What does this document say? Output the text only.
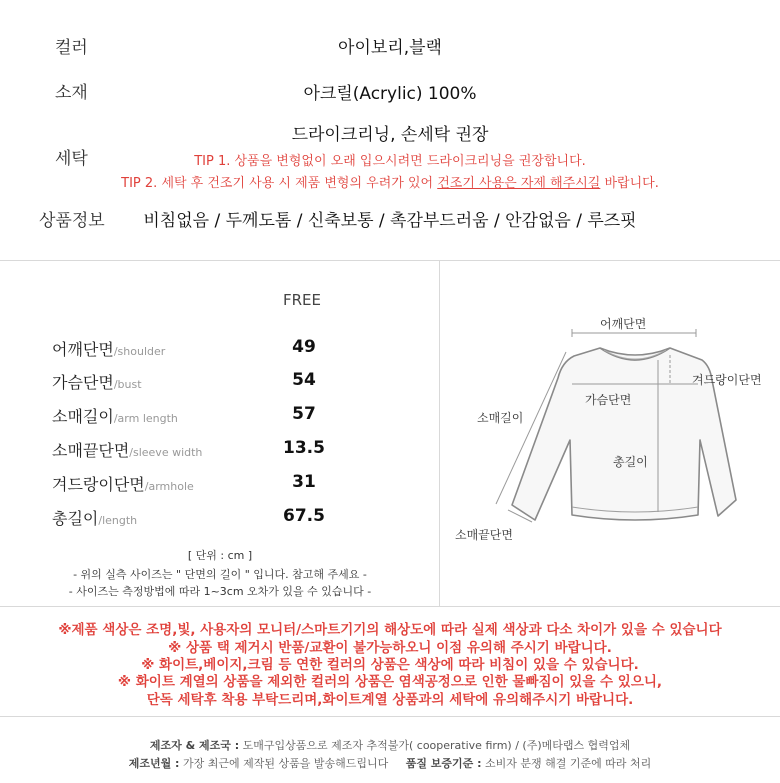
컬러	아이보리,블랙
소재	아크릴(Acrylic) 100%
세탁
드라이크리닝, 손세탁 권장
TIP 1. 상품을 변형없이 오래 입으시려면 드라이크리닝을 권장합니다.
TIP 2. 세탁 후 건조기 사용 시 제품 변형의 우려가 있어 건조기 사용은 자제 해주시길 바랍니다.
상품정보	비침없음 / 두께도톰 / 신축보통 / 촉감부드러움 / 안감없음 / 루즈핏
FREE
어깨단면/shoulder	49
가슴단면/bust	54
소매길이/arm length	57
소매끝단면/sleeve width	13.5
겨드랑이단면/armhole	31
총길이/length	67.5
[ 단위 : cm ]
- 위의 실측 사이즈는 " 단면의 길이 " 입니다. 참고해 주세요 -
- 사이즈는 측정방법에 따라 1~3cm 오차가 있을 수 있습니다 -
어깨단면
겨드랑이단면
가슴단면
소매길이
총길이
소매끝단면
※제품 색상은 조명,빛, 사용자의 모니터/스마트기기의 해상도에 따라 실제 색상과 다소 차이가 있을 수 있습니다
※ 상품 택 제거시 반품/교환이 불가능하오니 이점 유의해 주시기 바랍니다.
※ 화이트,베이지,크림 등 연한 컬러의 상품은 색상에 따라 비침이 있을 수 있습니다.
※ 화이트 계열의 상품을 제외한 컬러의 상품은 염색공정으로 인한 물빠짐이 있을 수 있으니,
단독 세탁후 착용 부탁드리며,화이트계열 상품과의 세탁에 유의해주시기 바랍니다.
제조자 & 제조국 : 도매구입상품으로 제조자 추적불가( cooperative firm) / (주)메타랩스 협력업체
제조년월 : 가장 최근에 제작된 상품을 발송해드립니다 품질 보증기준 : 소비자 분쟁 해결 기준에 따라 처리
